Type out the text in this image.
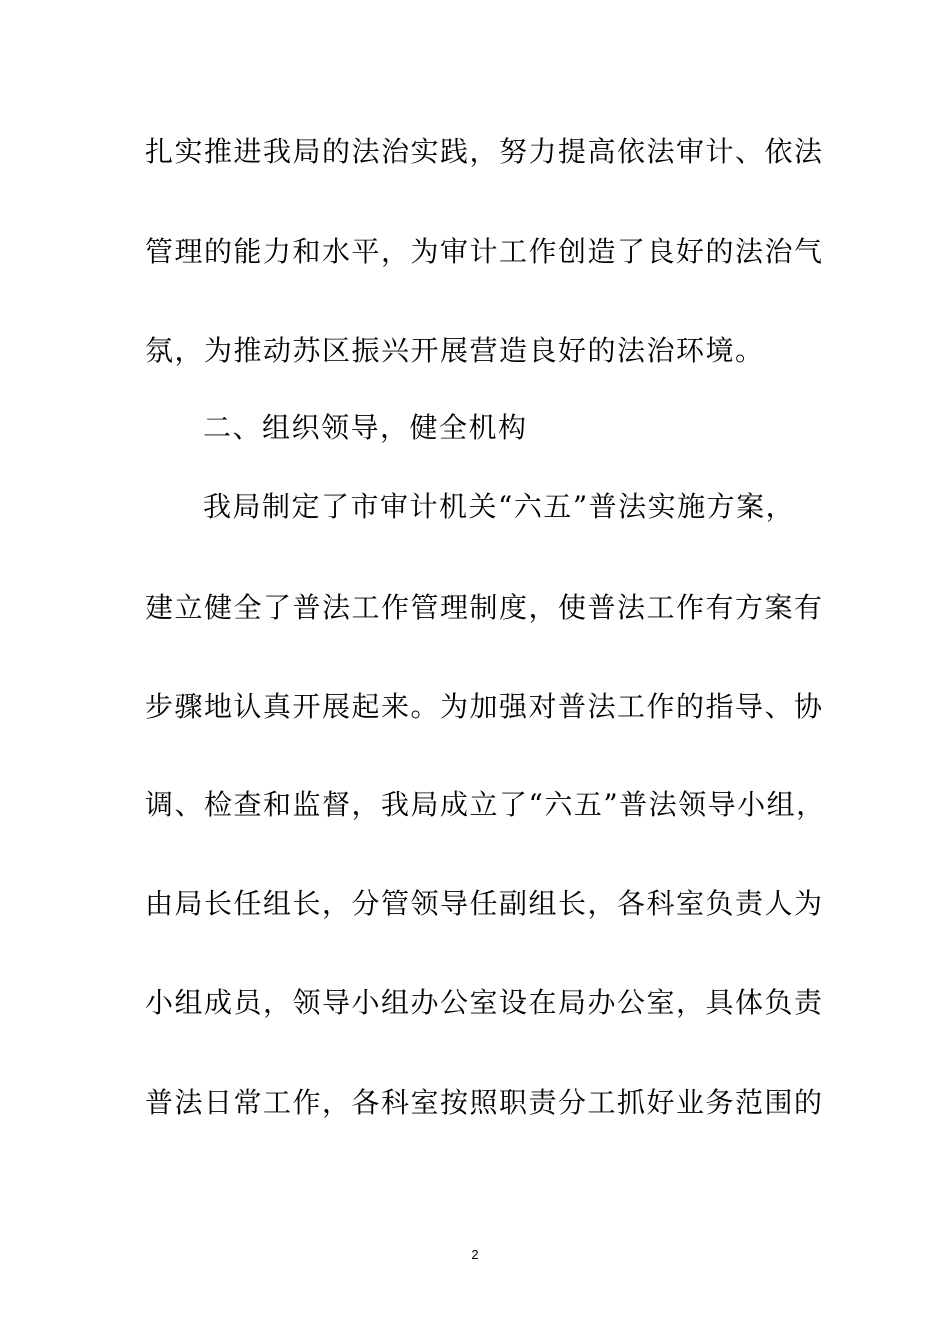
扎实推进我局的法治实践，努力提高依法审计、依法
管理的能力和水平，为审计工作创造了良好的法治气
氛，为推动苏区振兴开展营造良好的法治环境。
二、组织领导，健全机构
我局制定了市审计机关“六五”普法实施方案，
建立健全了普法工作管理制度，使普法工作有方案有
步骤地认真开展起来。为加强对普法工作的指导、协
调、检查和监督，我局成立了“六五”普法领导小组，
由局长任组长，分管领导任副组长，各科室负责人为
小组成员，领导小组办公室设在局办公室，具体负责
普法日常工作，各科室按照职责分工抓好业务范围的
2
